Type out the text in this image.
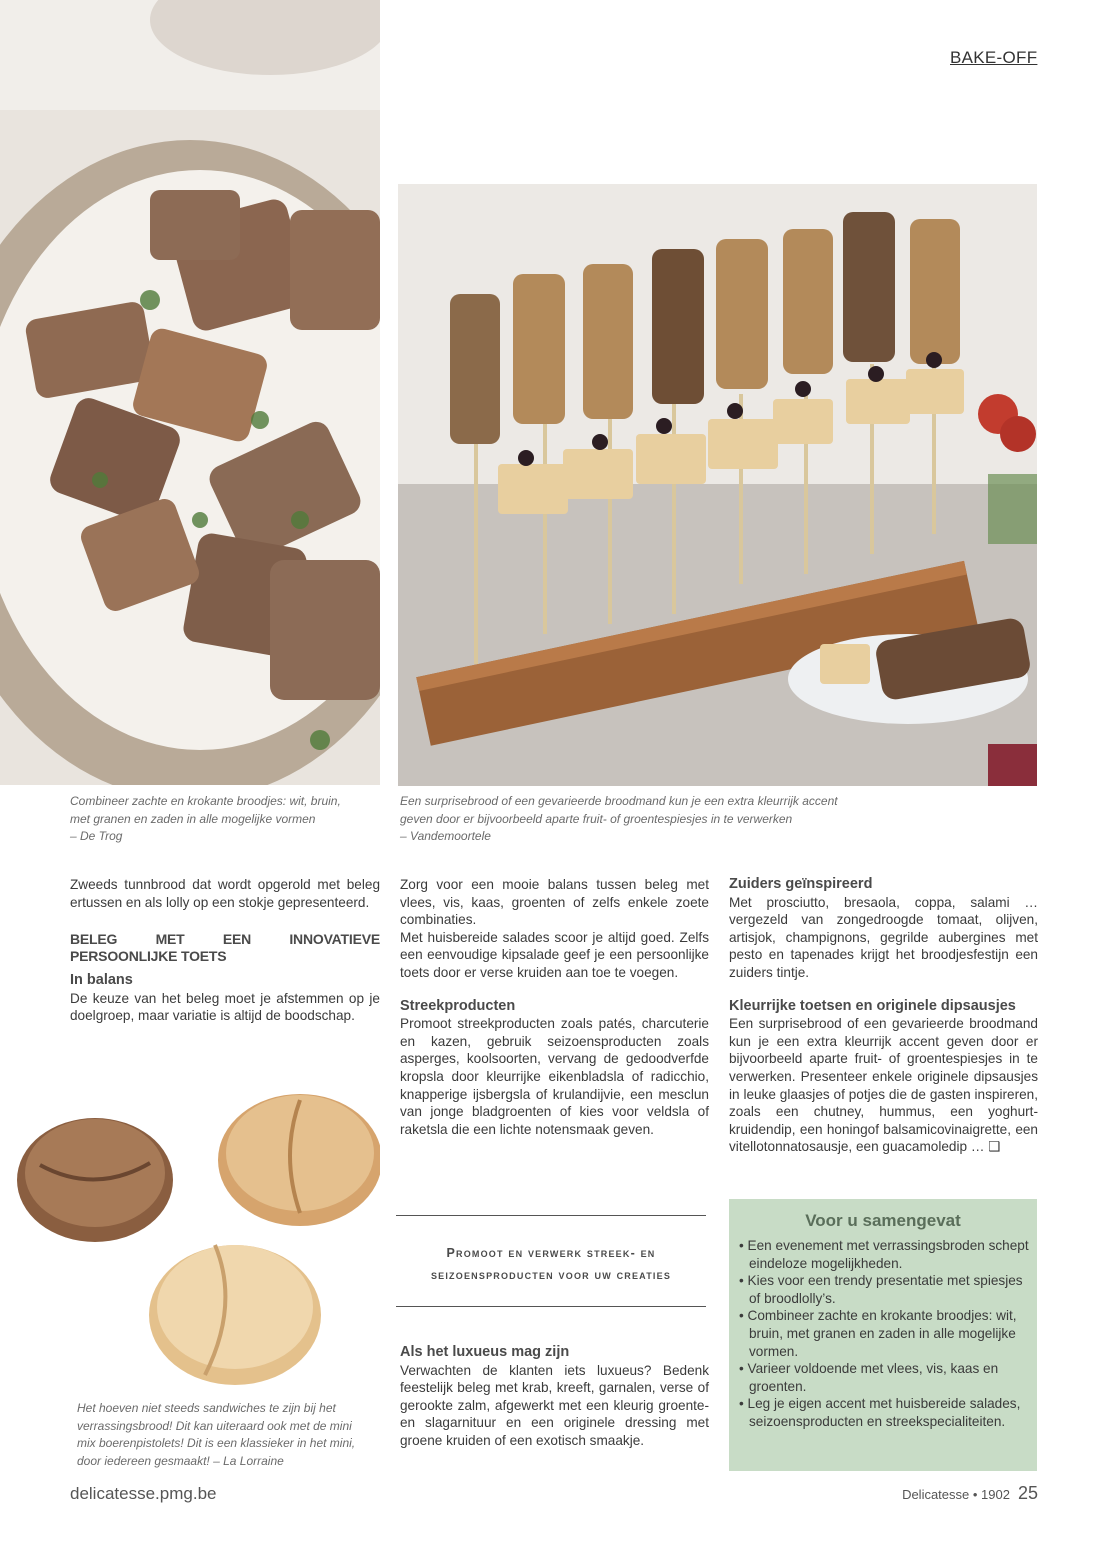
BAKE-OFF
Combineer zachte en krokante broodjes: wit, bruin,
met granen en zaden in alle mogelijke vormen
– De Trog
Een surprisebrood of een gevarieerde broodmand kun je een extra kleurrijk accent
geven door er bijvoorbeeld aparte fruit- of groentespiesjes in te verwerken
– Vandemoortele

Zweeds tunnbrood dat wordt opgerold met beleg ertussen en als lolly op een stokje gepresenteerd.

BELEG MET EEN INNOVATIEVE PERSOONLIJKE TOETS
In balans

De keuze van het beleg moet je afstemmen op je doelgroep, maar variatie is altijd de boodschap.

Zorg voor een mooie balans tussen beleg met vlees, vis, kaas, groenten of zelfs enkele zoete combinaties.

Met huisbereide salades scoor je altijd goed. Zelfs een eenvoudige kipsalade geef je een persoonlijke toets door er verse kruiden aan toe te voegen.

Streekproducten

Promoot streekproducten zoals patés, charcuterie en kazen, gebruik seizoensproducten zoals asperges, koolsoorten, vervang de gedoodverfde kropsla door kleurrijke eikenbladsla of radicchio, knapperige ijsbergsla of krulandijvie, een mesclun van jonge bladgroenten of kies voor veldsla of raketsla die een lichte notensmaak geven.

Promoot en verwerk streek- en
seizoensproducten voor uw creaties
Als het luxueus mag zijn

Verwachten de klanten iets luxueus? Bedenk feestelijk beleg met krab, kreeft, garnalen, verse of gerookte zalm, afgewerkt met een kleurig groente- en slagarnituur en een originele dressing met groene kruiden of een exotisch smaakje.

Zuiders geïnspireerd

Met prosciutto, bresaola, coppa, salami … vergezeld van zongedroogde tomaat, olijven, artisjok, champignons, gegrilde aubergines met pesto en tapenades krijgt het broodjesfestijn een zuiders tintje.

Kleurrijke toetsen en originele dipsausjes

Een surprisebrood of een gevarieerde broodmand kun je een extra kleurrijk accent geven door er bijvoorbeeld aparte fruit- of groentespiesjes in te verwerken. Presenteer enkele originele dipsausjes in leuke glaasjes of potjes die de gasten inspireren, zoals een chutney, hummus, een yoghurt-kruidendip, een honingof balsamicovinaigrette, een vitellotonnatosausje, een guacamoledip … ❑

Voor u samengevat
• Een evenement met verrassingsbroden schept eindeloze mogelijkheden.
• Kies voor een trendy presentatie met spiesjes of broodlolly’s.
• Combineer zachte en krokante broodjes: wit, bruin, met granen en zaden in alle mogelijke vormen.
• Varieer voldoende met vlees, vis, kaas en groenten.
• Leg je eigen accent met huisbereide salades, seizoensproducten en streekspecialiteiten.
Het hoeven niet steeds sandwiches te zijn bij het
verrassingsbrood! Dit kan uiteraard ook met de mini
mix boerenpistolets! Dit is een klassieker in het mini,
door iedereen gesmaakt! – La Lorraine
delicatesse.pmg.be	Delicatesse • 1902 25
